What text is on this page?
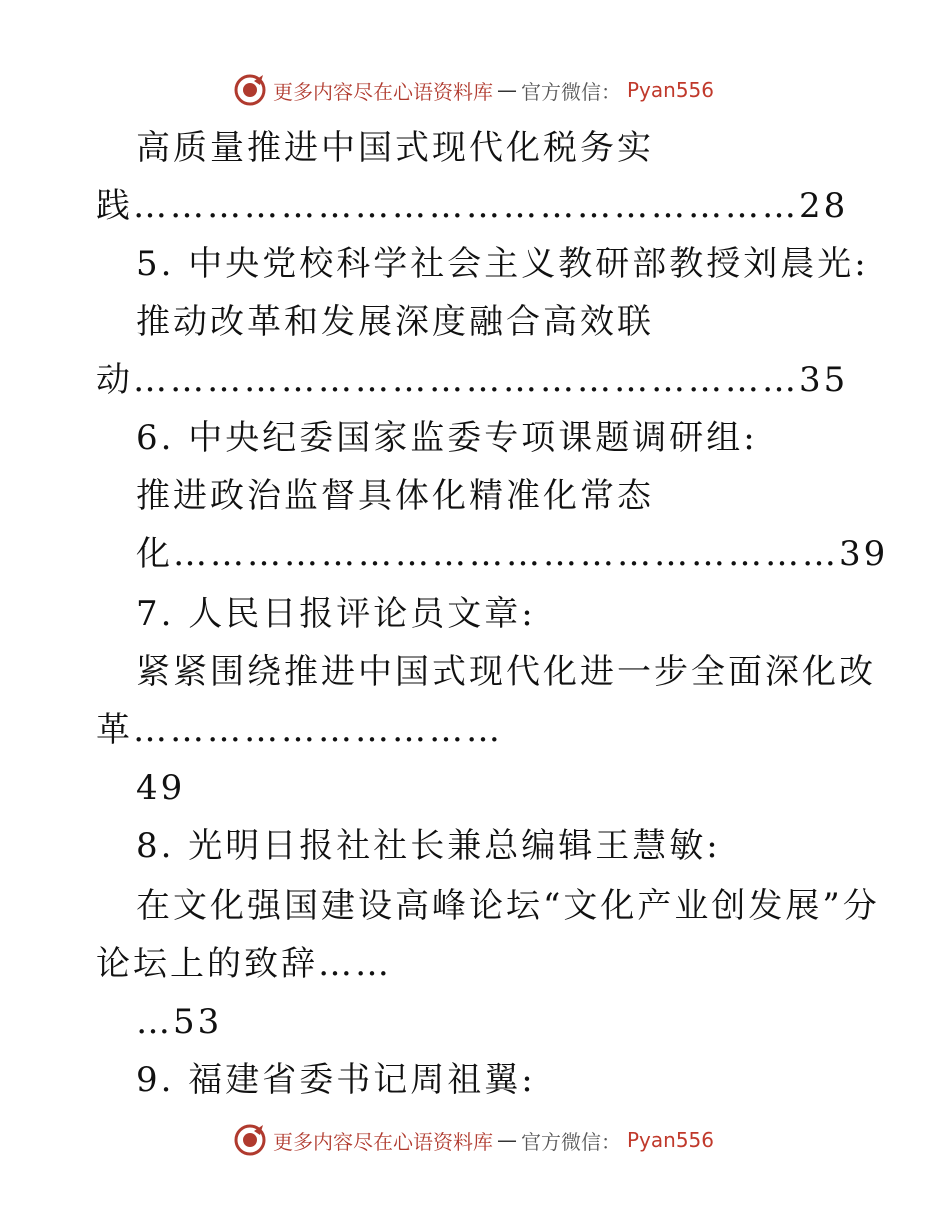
更多内容尽在心语资料库 — 官方微信： Pyan556
高质量推进中国式现代化税务实
践………………………………………………28
5. 中央党校科学社会主义教研部教授刘晨光:
推动改革和发展深度融合高效联
动………………………………………………35
6. 中央纪委国家监委专项课题调研组:
推进政治监督具体化精准化常态
化………………………………………………39
7. 人民日报评论员文章:
紧紧围绕推进中国式现代化进一步全面深化改
革…………………………
49
8. 光明日报社社长兼总编辑王慧敏:
在文化强国建设高峰论坛“文化产业创发展”分
论坛上的致辞……
…53
9. 福建省委书记周祖翼:
更多内容尽在心语资料库 — 官方微信： Pyan556
